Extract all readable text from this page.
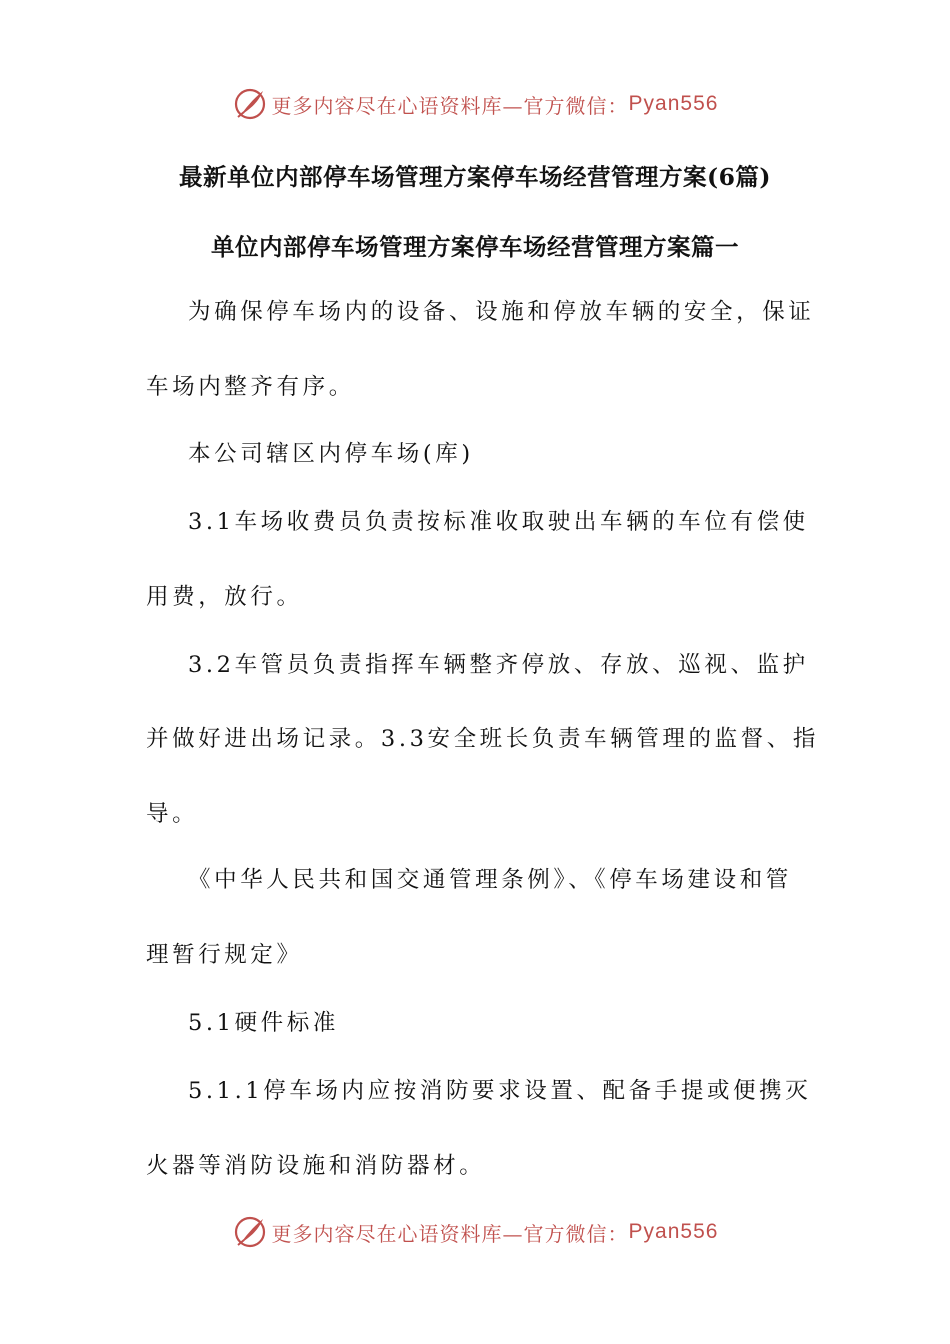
更多内容尽在心语资料库—官方微信： Pyan556
最新单位内部停车场管理方案停车场经营管理方案(6篇)
单位内部停车场管理方案停车场经营管理方案篇一
为确保停车场内的设备、设施和停放车辆的安全，保证
车场内整齐有序。
本公司辖区内停车场(库)
3.1车场收费员负责按标准收取驶出车辆的车位有偿使
用费，放行。
3.2车管员负责指挥车辆整齐停放、存放、巡视、监护
并做好进出场记录。3.3安全班长负责车辆管理的监督、指
导。
《中华人民共和国交通管理条例》、《停车场建设和管
理暂行规定》
5.1硬件标准
5.1.1停车场内应按消防要求设置、配备手提或便携灭
火器等消防设施和消防器材。
更多内容尽在心语资料库—官方微信： Pyan556
